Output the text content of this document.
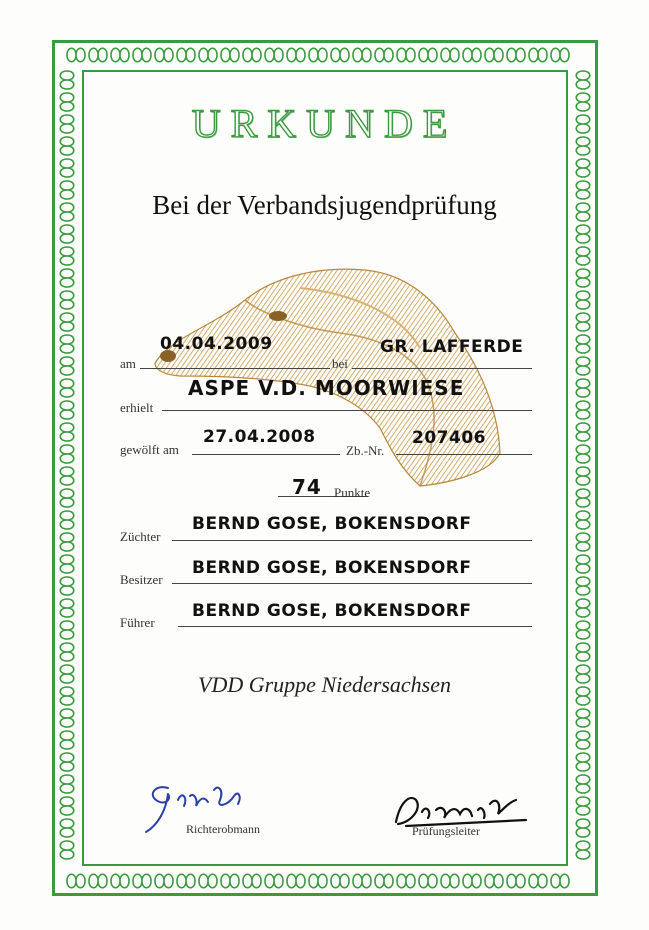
URKUNDE
Bei der Verbandsjugendprüfung
am
04.04.2009
bei
GR. LAFFERDE
erhielt
ASPE V.D. MOORWIESE
gewölft am
27.04.2008
Zb.-Nr.
207406
74 Punkte
Züchter
BERND GOSE, BOKENSDORF
Besitzer
BERND GOSE, BOKENSDORF
Führer
BERND GOSE, BOKENSDORF
VDD Gruppe Niedersachsen
Richterobmann	Prüfungsleiter
